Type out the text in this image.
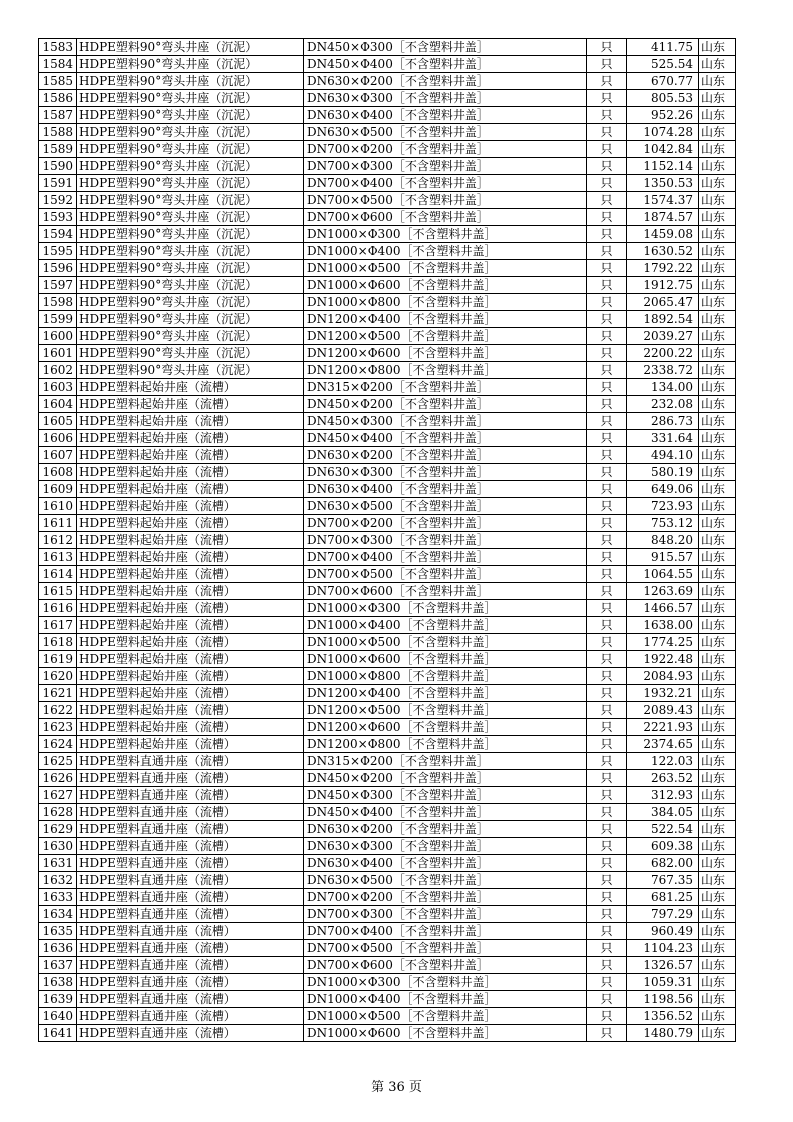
1583	HDPE塑料90°弯头井座（沉泥）	DN450×Φ300［不含塑料井盖］	只	411.75	山东
1584	HDPE塑料90°弯头井座（沉泥）	DN450×Φ400［不含塑料井盖］	只	525.54	山东
1585	HDPE塑料90°弯头井座（沉泥）	DN630×Φ200［不含塑料井盖］	只	670.77	山东
1586	HDPE塑料90°弯头井座（沉泥）	DN630×Φ300［不含塑料井盖］	只	805.53	山东
1587	HDPE塑料90°弯头井座（沉泥）	DN630×Φ400［不含塑料井盖］	只	952.26	山东
1588	HDPE塑料90°弯头井座（沉泥）	DN630×Φ500［不含塑料井盖］	只	1074.28	山东
1589	HDPE塑料90°弯头井座（沉泥）	DN700×Φ200［不含塑料井盖］	只	1042.84	山东
1590	HDPE塑料90°弯头井座（沉泥）	DN700×Φ300［不含塑料井盖］	只	1152.14	山东
1591	HDPE塑料90°弯头井座（沉泥）	DN700×Φ400［不含塑料井盖］	只	1350.53	山东
1592	HDPE塑料90°弯头井座（沉泥）	DN700×Φ500［不含塑料井盖］	只	1574.37	山东
1593	HDPE塑料90°弯头井座（沉泥）	DN700×Φ600［不含塑料井盖］	只	1874.57	山东
1594	HDPE塑料90°弯头井座（沉泥）	DN1000×Φ300［不含塑料井盖］	只	1459.08	山东
1595	HDPE塑料90°弯头井座（沉泥）	DN1000×Φ400［不含塑料井盖］	只	1630.52	山东
1596	HDPE塑料90°弯头井座（沉泥）	DN1000×Φ500［不含塑料井盖］	只	1792.22	山东
1597	HDPE塑料90°弯头井座（沉泥）	DN1000×Φ600［不含塑料井盖］	只	1912.75	山东
1598	HDPE塑料90°弯头井座（沉泥）	DN1000×Φ800［不含塑料井盖］	只	2065.47	山东
1599	HDPE塑料90°弯头井座（沉泥）	DN1200×Φ400［不含塑料井盖］	只	1892.54	山东
1600	HDPE塑料90°弯头井座（沉泥）	DN1200×Φ500［不含塑料井盖］	只	2039.27	山东
1601	HDPE塑料90°弯头井座（沉泥）	DN1200×Φ600［不含塑料井盖］	只	2200.22	山东
1602	HDPE塑料90°弯头井座（沉泥）	DN1200×Φ800［不含塑料井盖］	只	2338.72	山东
1603	HDPE塑料起始井座（流槽）	DN315×Φ200［不含塑料井盖］	只	134.00	山东
1604	HDPE塑料起始井座（流槽）	DN450×Φ200［不含塑料井盖］	只	232.08	山东
1605	HDPE塑料起始井座（流槽）	DN450×Φ300［不含塑料井盖］	只	286.73	山东
1606	HDPE塑料起始井座（流槽）	DN450×Φ400［不含塑料井盖］	只	331.64	山东
1607	HDPE塑料起始井座（流槽）	DN630×Φ200［不含塑料井盖］	只	494.10	山东
1608	HDPE塑料起始井座（流槽）	DN630×Φ300［不含塑料井盖］	只	580.19	山东
1609	HDPE塑料起始井座（流槽）	DN630×Φ400［不含塑料井盖］	只	649.06	山东
1610	HDPE塑料起始井座（流槽）	DN630×Φ500［不含塑料井盖］	只	723.93	山东
1611	HDPE塑料起始井座（流槽）	DN700×Φ200［不含塑料井盖］	只	753.12	山东
1612	HDPE塑料起始井座（流槽）	DN700×Φ300［不含塑料井盖］	只	848.20	山东
1613	HDPE塑料起始井座（流槽）	DN700×Φ400［不含塑料井盖］	只	915.57	山东
1614	HDPE塑料起始井座（流槽）	DN700×Φ500［不含塑料井盖］	只	1064.55	山东
1615	HDPE塑料起始井座（流槽）	DN700×Φ600［不含塑料井盖］	只	1263.69	山东
1616	HDPE塑料起始井座（流槽）	DN1000×Φ300［不含塑料井盖］	只	1466.57	山东
1617	HDPE塑料起始井座（流槽）	DN1000×Φ400［不含塑料井盖］	只	1638.00	山东
1618	HDPE塑料起始井座（流槽）	DN1000×Φ500［不含塑料井盖］	只	1774.25	山东
1619	HDPE塑料起始井座（流槽）	DN1000×Φ600［不含塑料井盖］	只	1922.48	山东
1620	HDPE塑料起始井座（流槽）	DN1000×Φ800［不含塑料井盖］	只	2084.93	山东
1621	HDPE塑料起始井座（流槽）	DN1200×Φ400［不含塑料井盖］	只	1932.21	山东
1622	HDPE塑料起始井座（流槽）	DN1200×Φ500［不含塑料井盖］	只	2089.43	山东
1623	HDPE塑料起始井座（流槽）	DN1200×Φ600［不含塑料井盖］	只	2221.93	山东
1624	HDPE塑料起始井座（流槽）	DN1200×Φ800［不含塑料井盖］	只	2374.65	山东
1625	HDPE塑料直通井座（流槽）	DN315×Φ200［不含塑料井盖］	只	122.03	山东
1626	HDPE塑料直通井座（流槽）	DN450×Φ200［不含塑料井盖］	只	263.52	山东
1627	HDPE塑料直通井座（流槽）	DN450×Φ300［不含塑料井盖］	只	312.93	山东
1628	HDPE塑料直通井座（流槽）	DN450×Φ400［不含塑料井盖］	只	384.05	山东
1629	HDPE塑料直通井座（流槽）	DN630×Φ200［不含塑料井盖］	只	522.54	山东
1630	HDPE塑料直通井座（流槽）	DN630×Φ300［不含塑料井盖］	只	609.38	山东
1631	HDPE塑料直通井座（流槽）	DN630×Φ400［不含塑料井盖］	只	682.00	山东
1632	HDPE塑料直通井座（流槽）	DN630×Φ500［不含塑料井盖］	只	767.35	山东
1633	HDPE塑料直通井座（流槽）	DN700×Φ200［不含塑料井盖］	只	681.25	山东
1634	HDPE塑料直通井座（流槽）	DN700×Φ300［不含塑料井盖］	只	797.29	山东
1635	HDPE塑料直通井座（流槽）	DN700×Φ400［不含塑料井盖］	只	960.49	山东
1636	HDPE塑料直通井座（流槽）	DN700×Φ500［不含塑料井盖］	只	1104.23	山东
1637	HDPE塑料直通井座（流槽）	DN700×Φ600［不含塑料井盖］	只	1326.57	山东
1638	HDPE塑料直通井座（流槽）	DN1000×Φ300［不含塑料井盖］	只	1059.31	山东
1639	HDPE塑料直通井座（流槽）	DN1000×Φ400［不含塑料井盖］	只	1198.56	山东
1640	HDPE塑料直通井座（流槽）	DN1000×Φ500［不含塑料井盖］	只	1356.52	山东
1641	HDPE塑料直通井座（流槽）	DN1000×Φ600［不含塑料井盖］	只	1480.79	山东
第 36 页
